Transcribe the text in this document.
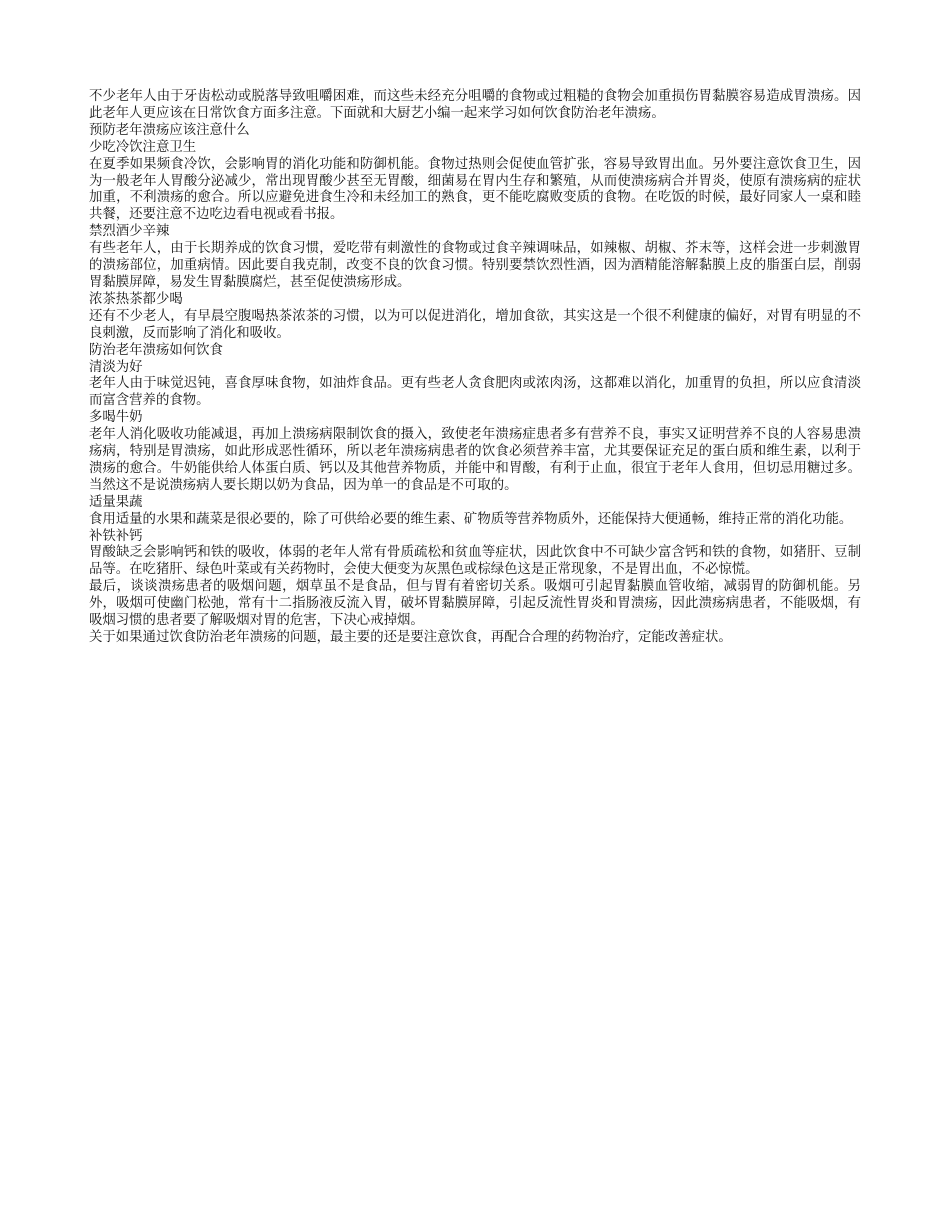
不少老年人由于牙齿松动或脱落导致咀嚼困难，而这些未经充分咀嚼的食物或过粗糙的食物会加重损伤胃黏膜容易造成胃溃疡。因此老年人更应该在日常饮食方面多注意。下面就和大厨艺小编一起来学习如何饮食防治老年溃疡。

预防老年溃疡应该注意什么
少吃冷饮注意卫生

在夏季如果频食冷饮，会影响胃的消化功能和防御机能。食物过热则会促使血管扩张，容易导致胃出血。另外要注意饮食卫生，因为一般老年人胃酸分泌减少，常出现胃酸少甚至无胃酸，细菌易在胃内生存和繁殖，从而使溃疡病合并胃炎，使原有溃疡病的症状加重，不利溃疡的愈合。所以应避免进食生冷和未经加工的熟食，更不能吃腐败变质的食物。在吃饭的时候，最好同家人一桌和睦共餐，还要注意不边吃边看电视或看书报。

禁烈酒少辛辣

有些老年人，由于长期养成的饮食习惯，爱吃带有刺激性的食物或过食辛辣调味品，如辣椒、胡椒、芥末等，这样会进一步刺激胃的溃疡部位，加重病情。因此要自我克制，改变不良的饮食习惯。特别要禁饮烈性酒，因为酒精能溶解黏膜上皮的脂蛋白层，削弱胃黏膜屏障，易发生胃黏膜腐烂，甚至促使溃疡形成。

浓茶热茶都少喝

还有不少老人，有早晨空腹喝热茶浓茶的习惯，以为可以促进消化，增加食欲，其实这是一个很不利健康的偏好，对胃有明显的不良刺激，反而影响了消化和吸收。

防治老年溃疡如何饮食
清淡为好

老年人由于味觉迟钝，喜食厚味食物，如油炸食品。更有些老人贪食肥肉或浓肉汤，这都难以消化，加重胃的负担，所以应食清淡而富含营养的食物。

多喝牛奶

老年人消化吸收功能减退，再加上溃疡病限制饮食的摄入，致使老年溃疡症患者多有营养不良，事实又证明营养不良的人容易患溃疡病，特别是胃溃疡，如此形成恶性循环，所以老年溃疡病患者的饮食必须营养丰富，尤其要保证充足的蛋白质和维生素，以利于溃疡的愈合。牛奶能供给人体蛋白质、钙以及其他营养物质，并能中和胃酸，有利于止血，很宜于老年人食用，但切忌用糖过多。当然这不是说溃疡病人要长期以奶为食品，因为单一的食品是不可取的。

适量果蔬

食用适量的水果和蔬菜是很必要的，除了可供给必要的维生素、矿物质等营养物质外，还能保持大便通畅，维持正常的消化功能。

补铁补钙

胃酸缺乏会影响钙和铁的吸收，体弱的老年人常有骨质疏松和贫血等症状，因此饮食中不可缺少富含钙和铁的食物，如猪肝、豆制品等。在吃猪肝、绿色叶菜或有关药物时，会使大便变为灰黑色或棕绿色这是正常现象，不是胃出血，不必惊慌。

最后，谈谈溃疡患者的吸烟问题，烟草虽不是食品，但与胃有着密切关系。吸烟可引起胃黏膜血管收缩，减弱胃的防御机能。另外，吸烟可使幽门松弛，常有十二指肠液反流入胃，破坏胃黏膜屏障，引起反流性胃炎和胃溃疡，因此溃疡病患者，不能吸烟，有吸烟习惯的患者要了解吸烟对胃的危害，下决心戒掉烟。

关于如果通过饮食防治老年溃疡的问题，最主要的还是要注意饮食，再配合合理的药物治疗，定能改善症状。
